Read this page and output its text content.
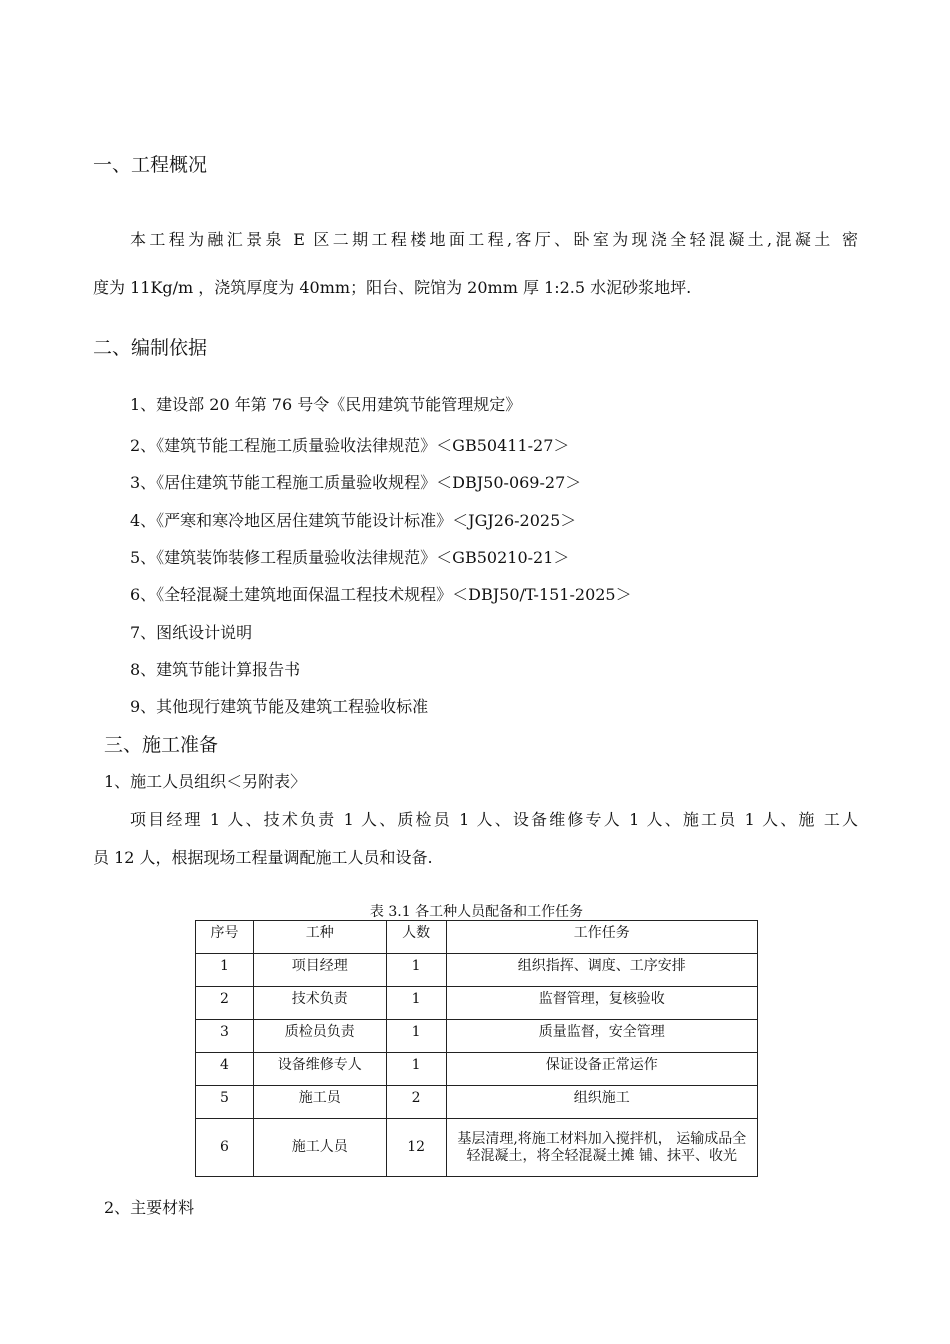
一、工程概况
本工程为融汇景泉 E 区二期工程楼地面工程,客厅、卧室为现浇全轻混凝土,混凝土 密
度为 11Kg/m ，浇筑厚度为 40mm；阳台、院馆为 20mm 厚 1:2.5 水泥砂浆地坪.
二、编制依据
1、建设部 20 年第 76 号令《民用建筑节能管理规定》
2、《建筑节能工程施工质量验收法律规范》＜GB50411-27＞
3、《居住建筑节能工程施工质量验收规程》＜DBJ50-069-27＞
4、《严寒和寒冷地区居住建筑节能设计标准》＜JGJ26-2025＞
5、《建筑装饰装修工程质量验收法律规范》＜GB50210-21＞
6、《全轻混凝土建筑地面保温工程技术规程》＜DBJ50/T-151-2025＞
7、图纸设计说明
8、建筑节能计算报告书
9、其他现行建筑节能及建筑工程验收标准
三、施工准备
1、施工人员组织＜另附表〉
项目经理 1 人、技术负责 1 人、质检员 1 人、设备维修专人 1 人、施工员 1 人、施 工人
员 12 人，根据现场工程量调配施工人员和设备.
表 3.1 各工种人员配备和工作任务
序号	工种	人数	工作任务
1	项目经理	1	组织指挥、调度、工序安排
2	技术负责	1	监督管理，复核验收
3	质检员负责	1	质量监督，安全管理
4	设备维修专人	1	保证设备正常运作
5	施工员	2	组织施工
6	施工人员	12	基层清理,将施工材料加入搅拌机， 运输成品全轻混凝土，将全轻混凝土摊 铺、抹平、收光
2、主要材料
